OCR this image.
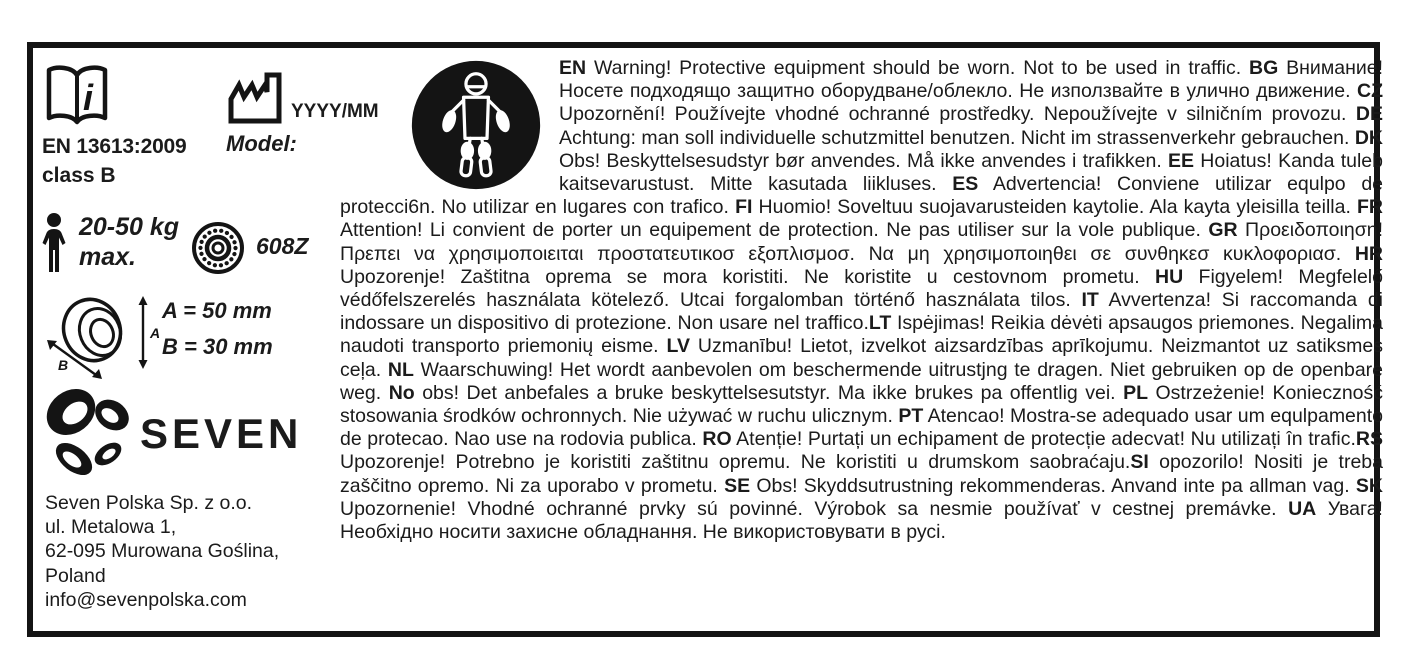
i
EN 13613:2009
class B
YYYY/MM
Model:
20-50 kg
max.	608Z
A
B
A = 50 mm
B = 30 mm
SEVEN
Seven Polska Sp. z o.o.
ul. Metalowa 1,
62-095 Murowana Goślina,
Poland
info@sevenpolska.com
EN Warning! Protective equipment should be worn. Not to be used in traffic. BG Внимание! Носете подходящо защитно оборудване/облекло. Не използвайте в улично движение. CZ Upozornění! Používejte vhodné ochranné prostředky. Nepoužívejte v silničním provozu. DE Achtung: man soll individuelle schutzmittel benutzen. Nicht im strassenverkehr gebrauchen. DK Obs! Beskyttelsesudstyr bør anvendes. Må ikke anvendes i trafikken. EE Hoiatus! Kanda tuleb kaitsevarustust. Mitte kasutada liikluses. ES Advertencia! Conviene utilizar equlpo de protecci6n. No utilizar en lugares con trafico. FI Huomio! Soveltuu suojavarusteiden kaytolie. Ala kayta yleisilla teilla. FR Attention! Li convient de porter un equipement de protection. Ne pas utiliser sur la vole publique. GR Προειδοποιηση! Πρεπει να χρησιμοποιειται προστατευτικοσ εξοπλισμοσ. Να μη χρησιμοποιηθει σε συνθηκεσ κυκλοφοριασ. HR Upozorenje! Zaštitna oprema se mora koristiti. Ne koristite u cestovnom prometu. HU Figyelem! Megfelelő védőfelszerelés használata kötelező. Utcai forgalomban történő használata tilos. IT Avvertenza! Si raccomanda di indossare un dispositivo di protezione. Non usare nel traffico.LT Ispėjimas! Reikia dėvėti apsaugos priemones. Negalima naudoti transporto priemonių eisme. LV Uzmanību! Lietot, izvelkot aizsardzības aprīkojumu. Neizmantot uz satiksmes ceļa. NL Waarschuwing! Het wordt aanbevolen om beschermende uitrustjng te dragen. Niet gebruiken op de openbare weg. No obs! Det anbefales a bruke beskyttelsesutstyr. Ma ikke brukes pa offentlig vei. PL Ostrzeżenie! Konieczność stosowania środków ochronnych. Nie używać w ruchu ulicznym. PT Atencao! Mostra-se adequado usar um equlpamento de protecao. Nao use na rodovia publica. RO Atenție! Purtați un echipament de protecție adecvat! Nu utilizați în trafic.RS Upozorenje! Potrebno je koristiti zaštitnu opremu. Ne koristiti u drumskom saobraćaju.SI opozorilo! Nositi je treba zaščitno opremo. Ni za uporabo v prometu. SE Obs! Skyddsutrustning rekommenderas. Anvand inte pa allman vag. SK Upozornenie! Vhodné ochranné prvky sú povinné. Výrobok sa nesmie používať v cestnej premávke. UA Увага! Необхідно носити захисне обладнання. Не використовувати в русі.
